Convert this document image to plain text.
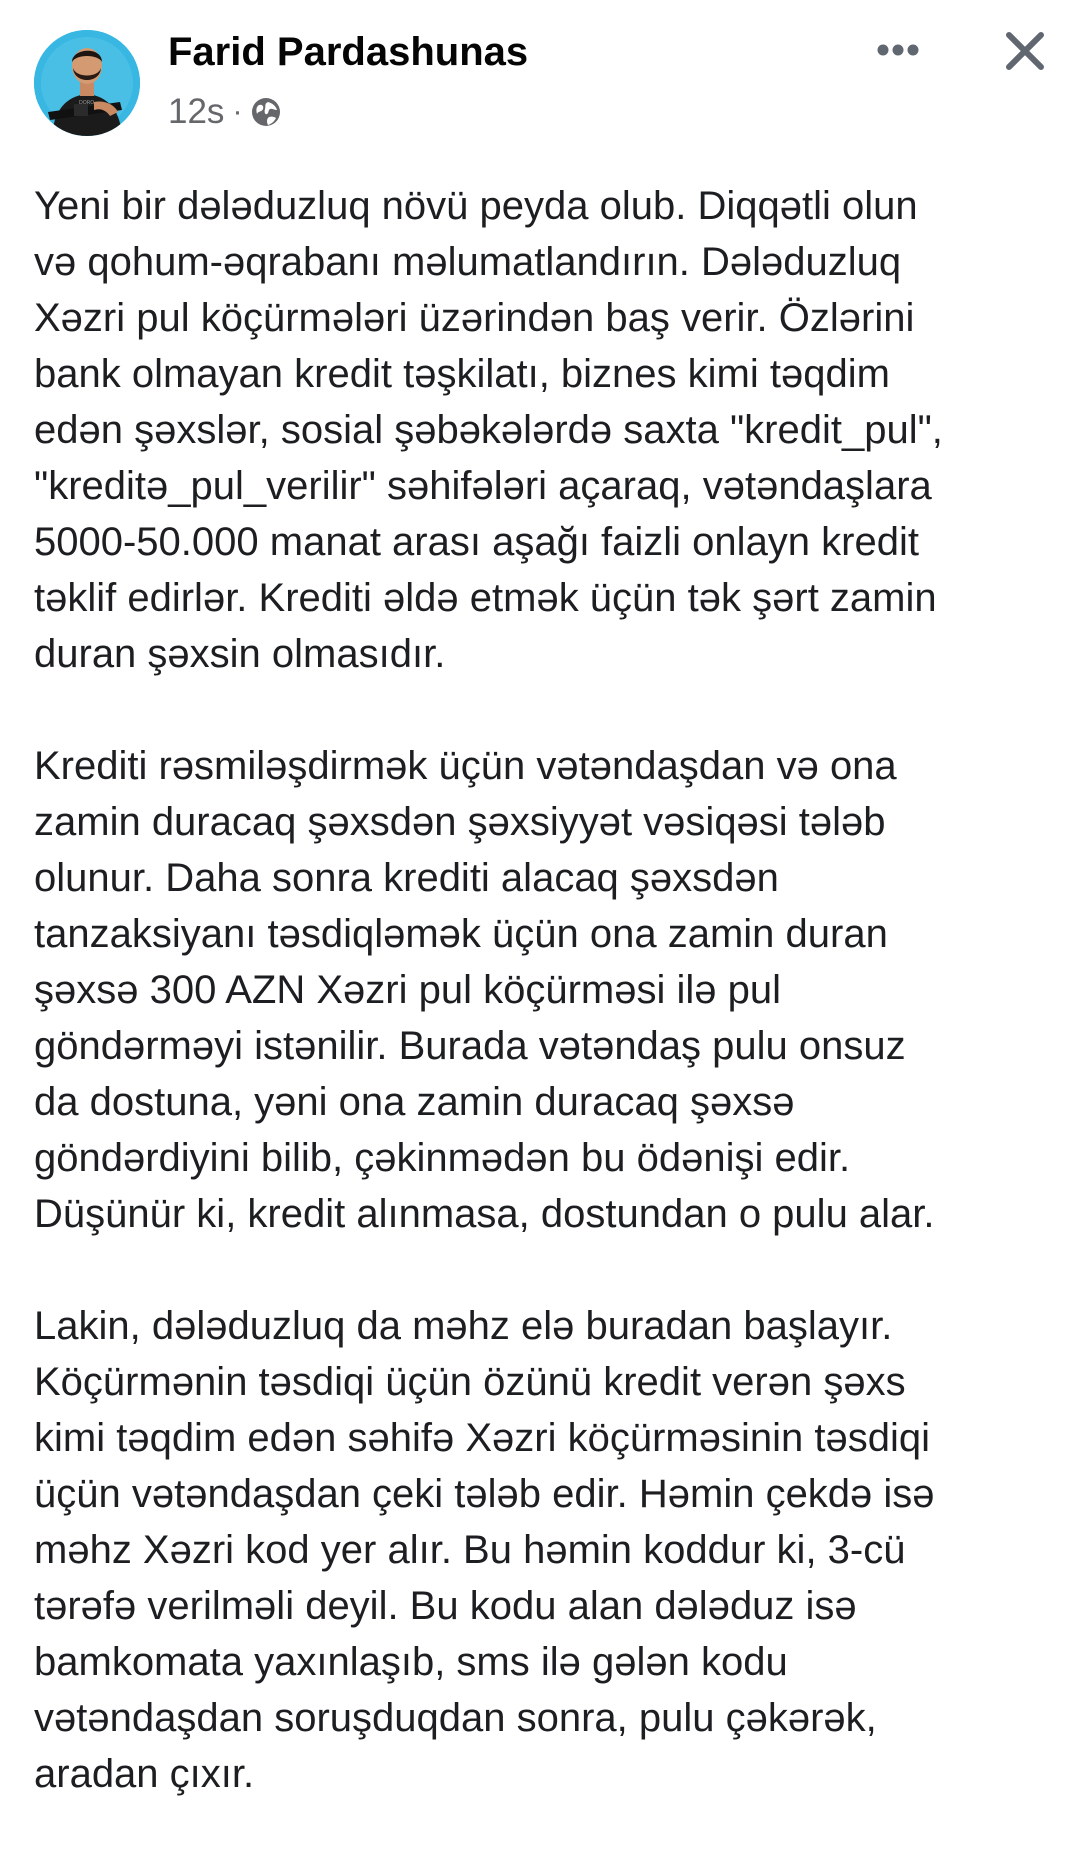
DORO
Farid Pardashunas
12s ·

Yeni bir dələduzluq növü peyda olub. Diqqətli olun
və qohum-əqrabanı məlumatlandırın. Dələduzluq
Xəzri pul köçürmələri üzərindən baş verir. Özlərini
bank olmayan kredit təşkilatı, biznes kimi təqdim
edən şəxslər, sosial şəbəkələrdə saxta "kredit_pul",
"kreditə_pul_verilir" səhifələri açaraq, vətəndaşlara
5000-50.000 manat arası aşağı faizli onlayn kredit
təklif edirlər. Krediti əldə etmək üçün tək şərt zamin
duran şəxsin olmasıdır.

Krediti rəsmiləşdirmək üçün vətəndaşdan və ona
zamin duracaq şəxsdən şəxsiyyət vəsiqəsi tələb
olunur. Daha sonra krediti alacaq şəxsdən
tanzaksiyanı təsdiqləmək üçün ona zamin duran
şəxsə 300 AZN Xəzri pul köçürməsi ilə pul
göndərməyi istənilir. Burada vətəndaş pulu onsuz
da dostuna, yəni ona zamin duracaq şəxsə
göndərdiyini bilib, çəkinmədən bu ödənişi edir.
Düşünür ki, kredit alınmasa, dostundan o pulu alar.

Lakin, dələduzluq da məhz elə buradan başlayır.
Köçürmənin təsdiqi üçün özünü kredit verən şəxs
kimi təqdim edən səhifə Xəzri köçürməsinin təsdiqi
üçün vətəndaşdan çeki tələb edir. Həmin çekdə isə
məhz Xəzri kod yer alır. Bu həmin koddur ki, 3-cü
tərəfə verilməli deyil. Bu kodu alan dələduz isə
bamkomata yaxınlaşıb, sms ilə gələn kodu
vətəndaşdan soruşduqdan sonra, pulu çəkərək,
aradan çıxır.
